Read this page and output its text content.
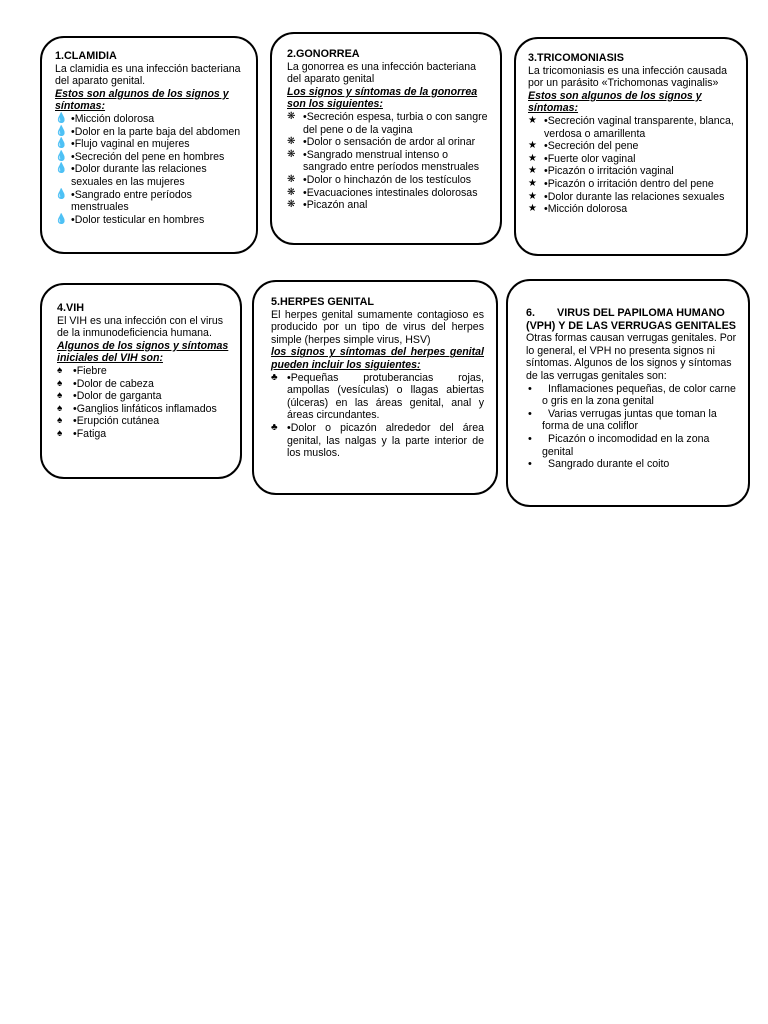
1.CLAMIDIA
La clamidia es una infección bacteriana del aparato genital.
Estos son algunos de los signos y síntomas:
💧 •Micción dolorosa
💧 •Dolor en la parte baja del abdomen
💧 •Flujo vaginal en mujeres
💧 •Secreción del pene en hombres
💧 •Dolor durante las relaciones sexuales en las mujeres
💧 •Sangrado entre períodos menstruales
💧 •Dolor testicular en hombres
2.GONORREA
La gonorrea es una infección bacteriana del aparato genital
Los signos y síntomas de la gonorrea son los siguientes:
❋ •Secreción espesa, turbia o con sangre del pene o de la vagina
❋ •Dolor o sensación de ardor al orinar
❋ •Sangrado menstrual intenso o sangrado entre períodos menstruales
❋ •Dolor o hinchazón de los testículos
❋ •Evacuaciones intestinales dolorosas
❋ •Picazón anal
3.TRICOMONIASIS
La tricomoniasis es una infección causada por un parásito «Trichomonas vaginalis»
Estos son algunos de los signos y síntomas:
★ •Secreción vaginal transparente, blanca, verdosa o amarillenta
★ •Secreción del pene
★ •Fuerte olor vaginal
★ •Picazón o irritación vaginal
★ •Picazón o irritación dentro del pene
★ •Dolor durante las relaciones sexuales
★ •Micción dolorosa
4.VIH
El VIH es una infección con el virus de la inmunodeficiencia humana.
Algunos de los signos y síntomas iniciales del VIH son:
♠	•Fiebre
♠	•Dolor de cabeza
♠	•Dolor de garganta
♠	•Ganglios linfáticos inflamados
♠	•Erupción cutánea
♠	•Fatiga
5.HERPES GENITAL
El herpes genital sumamente contagioso es producido por un tipo de virus del herpes simple (herpes simple virus, HSV)
los signos y síntomas del herpes genital pueden incluir los siguientes:
♣ •Pequeñas protuberancias rojas, ampollas (vesículas) o llagas abiertas (úlceras) en las áreas genital, anal y áreas circundantes.
♣ •Dolor o picazón alrededor del área genital, las nalgas y la parte interior de los muslos.
6. VIRUS DEL PAPILOMA HUMANO (VPH) Y DE LAS VERRUGAS GENITALES
Otras formas causan verrugas genitales. Por lo general, el VPH no presenta signos ni síntomas. Algunos de los signos y síntomas de las verrugas genitales son:
•	Inflamaciones pequeñas, de color carne o gris en la zona genital
•	Varias verrugas juntas que toman la forma de una coliflor
•	Picazón o incomodidad en la zona genital
•	Sangrado durante el coito
